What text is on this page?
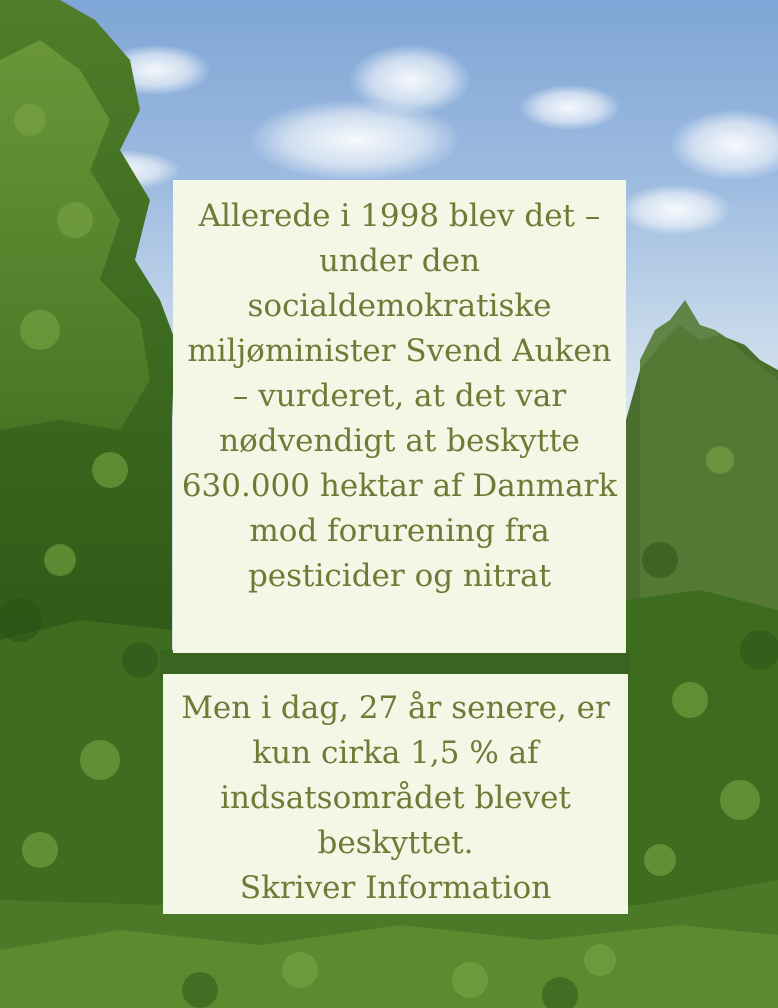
Allerede i 1998 blev det – under den socialdemokratiske miljøminister Svend Auken – vurderet, at det var nødvendigt at beskytte 630.000 hektar af Danmark mod forurening fra pesticider og nitrat

Men i dag, 27 år senere, er kun cirka 1,5 % af indsatsområdet blevet beskyttet.

Skriver Information
